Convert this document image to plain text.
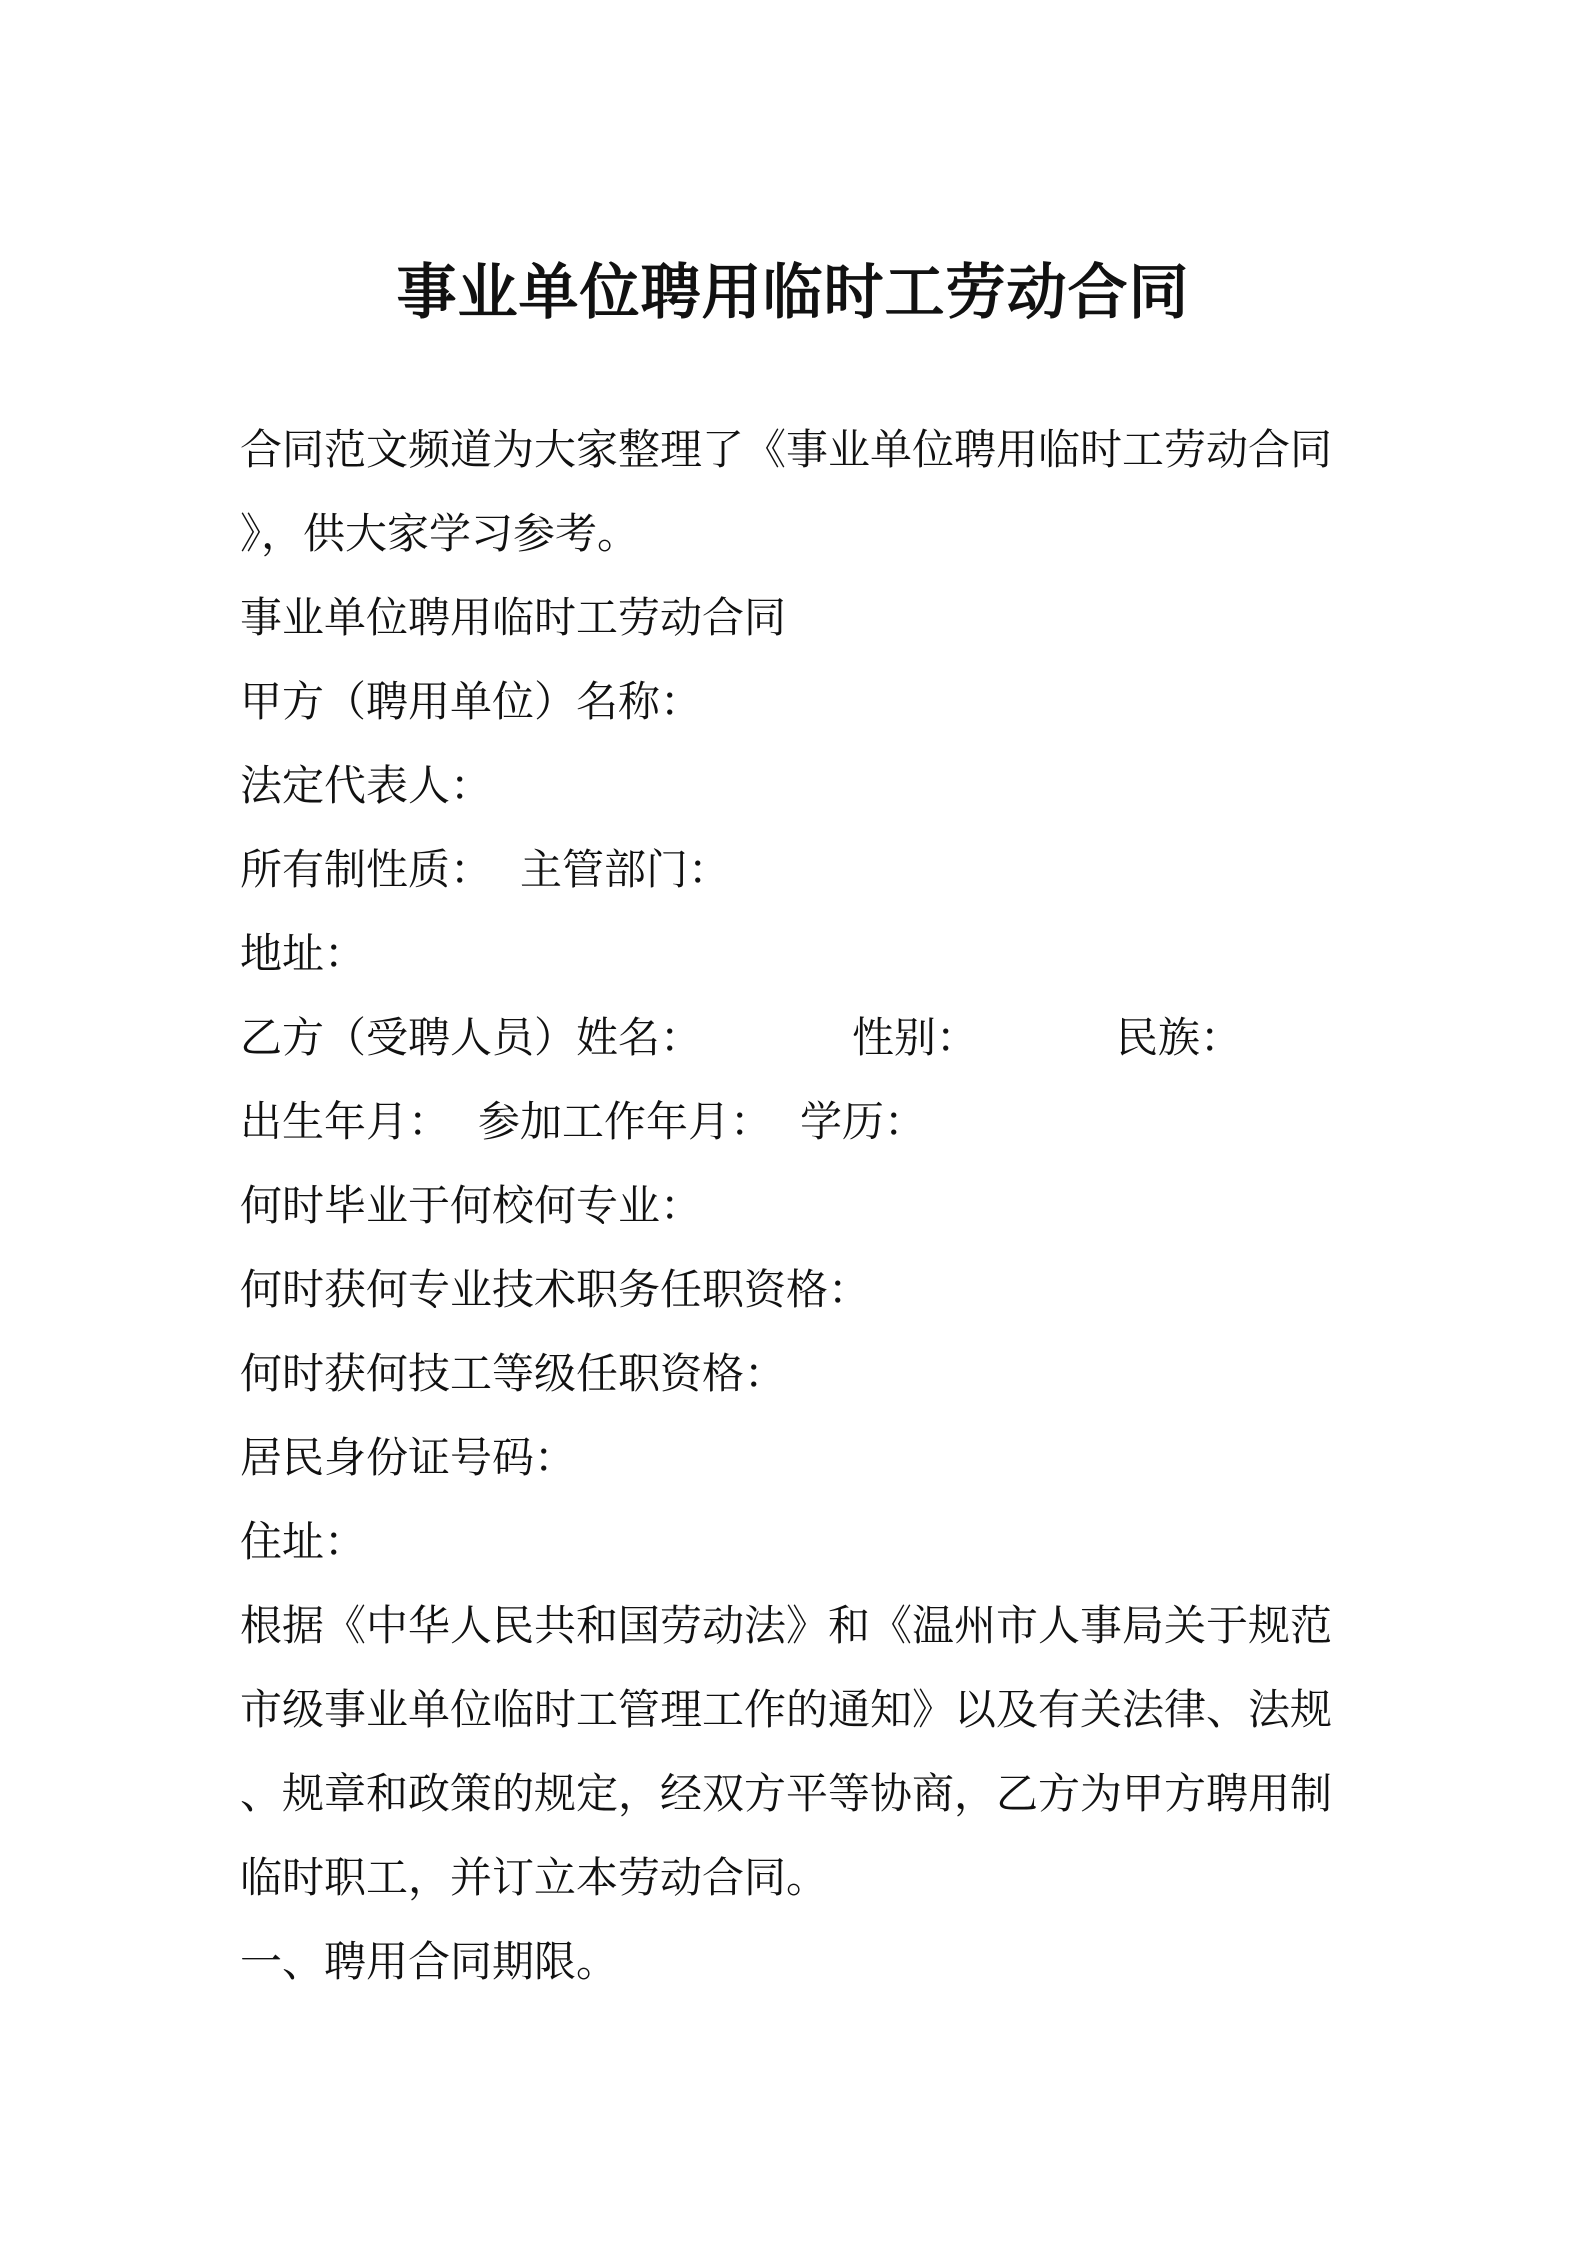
事业单位聘用临时工劳动合同
合同范文频道为大家整理了《事业单位聘用临时工劳动合同
》，供大家学习参考。
事业单位聘用临时工劳动合同
甲方（聘用单位）名称：
法定代表人：
所有制性质： 主管部门：
地址：
乙方（受聘人员）姓名：	性别：	民族：
出生年月： 参加工作年月： 学历：
何时毕业于何校何专业：
何时获何专业技术职务任职资格：
何时获何技工等级任职资格：
居民身份证号码：
住址：
根据《中华人民共和国劳动法》和《温州市人事局关于规范
市级事业单位临时工管理工作的通知》以及有关法律、法规
、规章和政策的规定，经双方平等协商，乙方为甲方聘用制
临时职工，并订立本劳动合同。
一、聘用合同期限。
